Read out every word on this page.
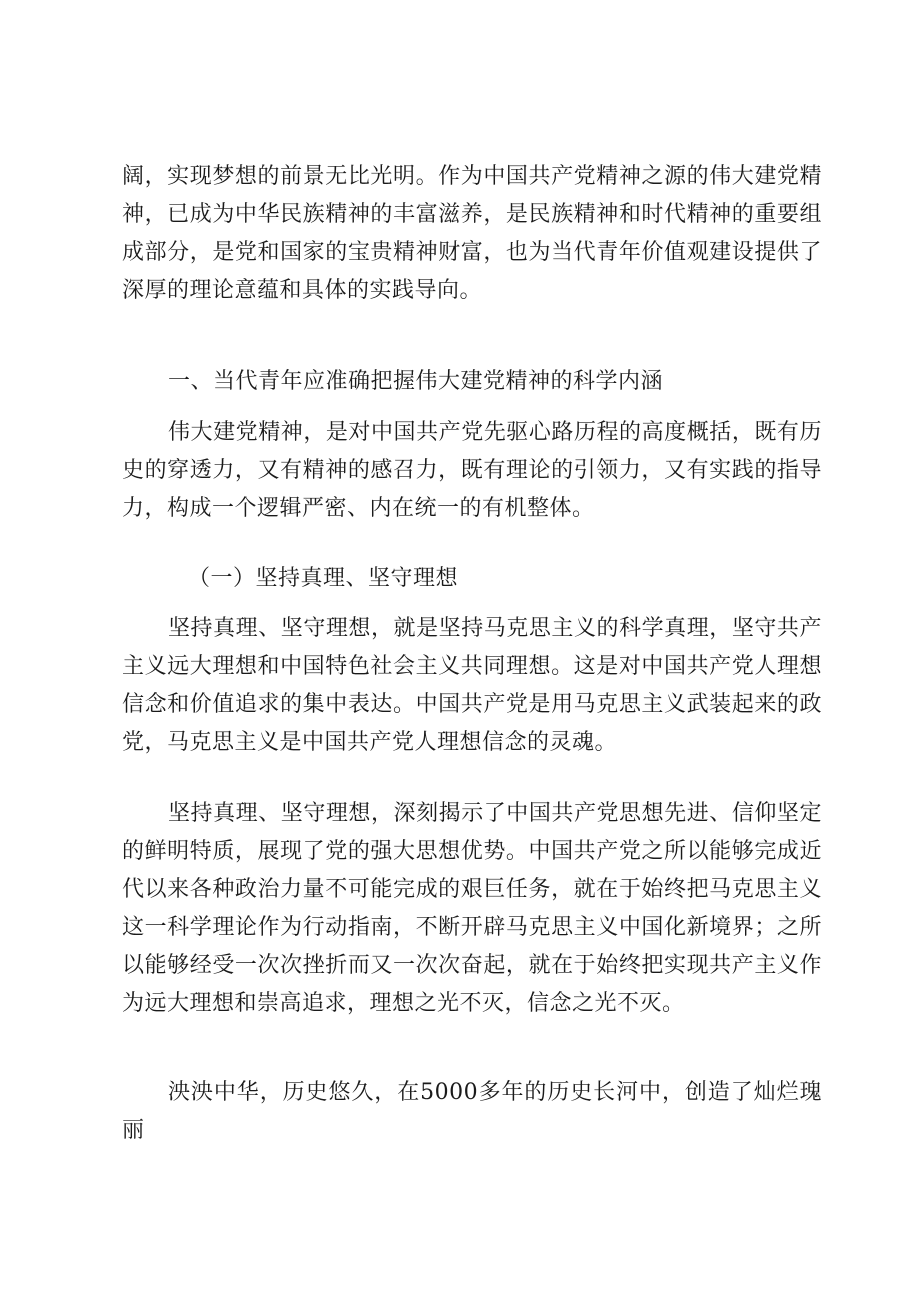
阔，实现梦想的前景无比光明。作为中国共产党精神之源的伟大建党精神，已成为中华民族精神的丰富滋养，是民族精神和时代精神的重要组成部分，是党和国家的宝贵精神财富，也为当代青年价值观建设提供了深厚的理论意蕴和具体的实践导向。

一、当代青年应准确把握伟大建党精神的科学内涵

伟大建党精神，是对中国共产党先驱心路历程的高度概括，既有历史的穿透力，又有精神的感召力，既有理论的引领力，又有实践的指导力，构成一个逻辑严密、内在统一的有机整体。

（一）坚持真理、坚守理想

坚持真理、坚守理想，就是坚持马克思主义的科学真理，坚守共产主义远大理想和中国特色社会主义共同理想。这是对中国共产党人理想信念和价值追求的集中表达。中国共产党是用马克思主义武装起来的政党，马克思主义是中国共产党人理想信念的灵魂。

坚持真理、坚守理想，深刻揭示了中国共产党思想先进、信仰坚定的鲜明特质，展现了党的强大思想优势。中国共产党之所以能够完成近代以来各种政治力量不可能完成的艰巨任务，就在于始终把马克思主义这一科学理论作为行动指南，不断开辟马克思主义中国化新境界；之所以能够经受一次次挫折而又一次次奋起，就在于始终把实现共产主义作为远大理想和崇高追求，理想之光不灭，信念之光不灭。

泱泱中华，历史悠久，在5000多年的历史长河中，创造了灿烂瑰丽
